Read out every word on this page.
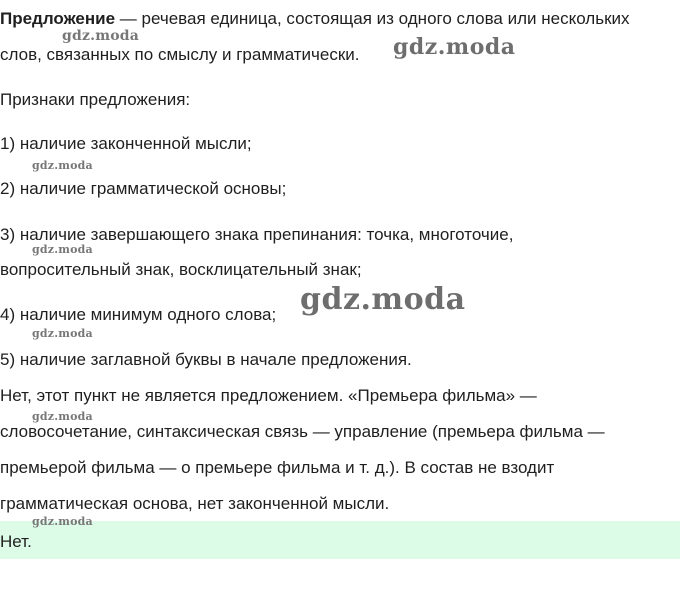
Предложение — речевая единица, состоящая из одного слова или нескольких
слов, связанных по смыслу и грамматически.
Признаки предложения:
1) наличие законченной мысли;
2) наличие грамматической основы;
3) наличие завершающего знака препинания: точка, многоточие,
вопросительный знак, восклицательный знак;
4) наличие минимум одного слова;
5) наличие заглавной буквы в начале предложения.
Нет, этот пункт не является предложением. «Премьера фильма» —
словосочетание, синтаксическая связь — управление (премьера фильма —
премьерой фильма — о премьере фильма и т. д.). В состав не взодит
грамматическая основа, нет законченной мысли.
Нет.
gdz.moda	gdz.moda
gdz.moda
gdz.moda
gdz.moda
gdz.moda
gdz.moda
gdz.moda
